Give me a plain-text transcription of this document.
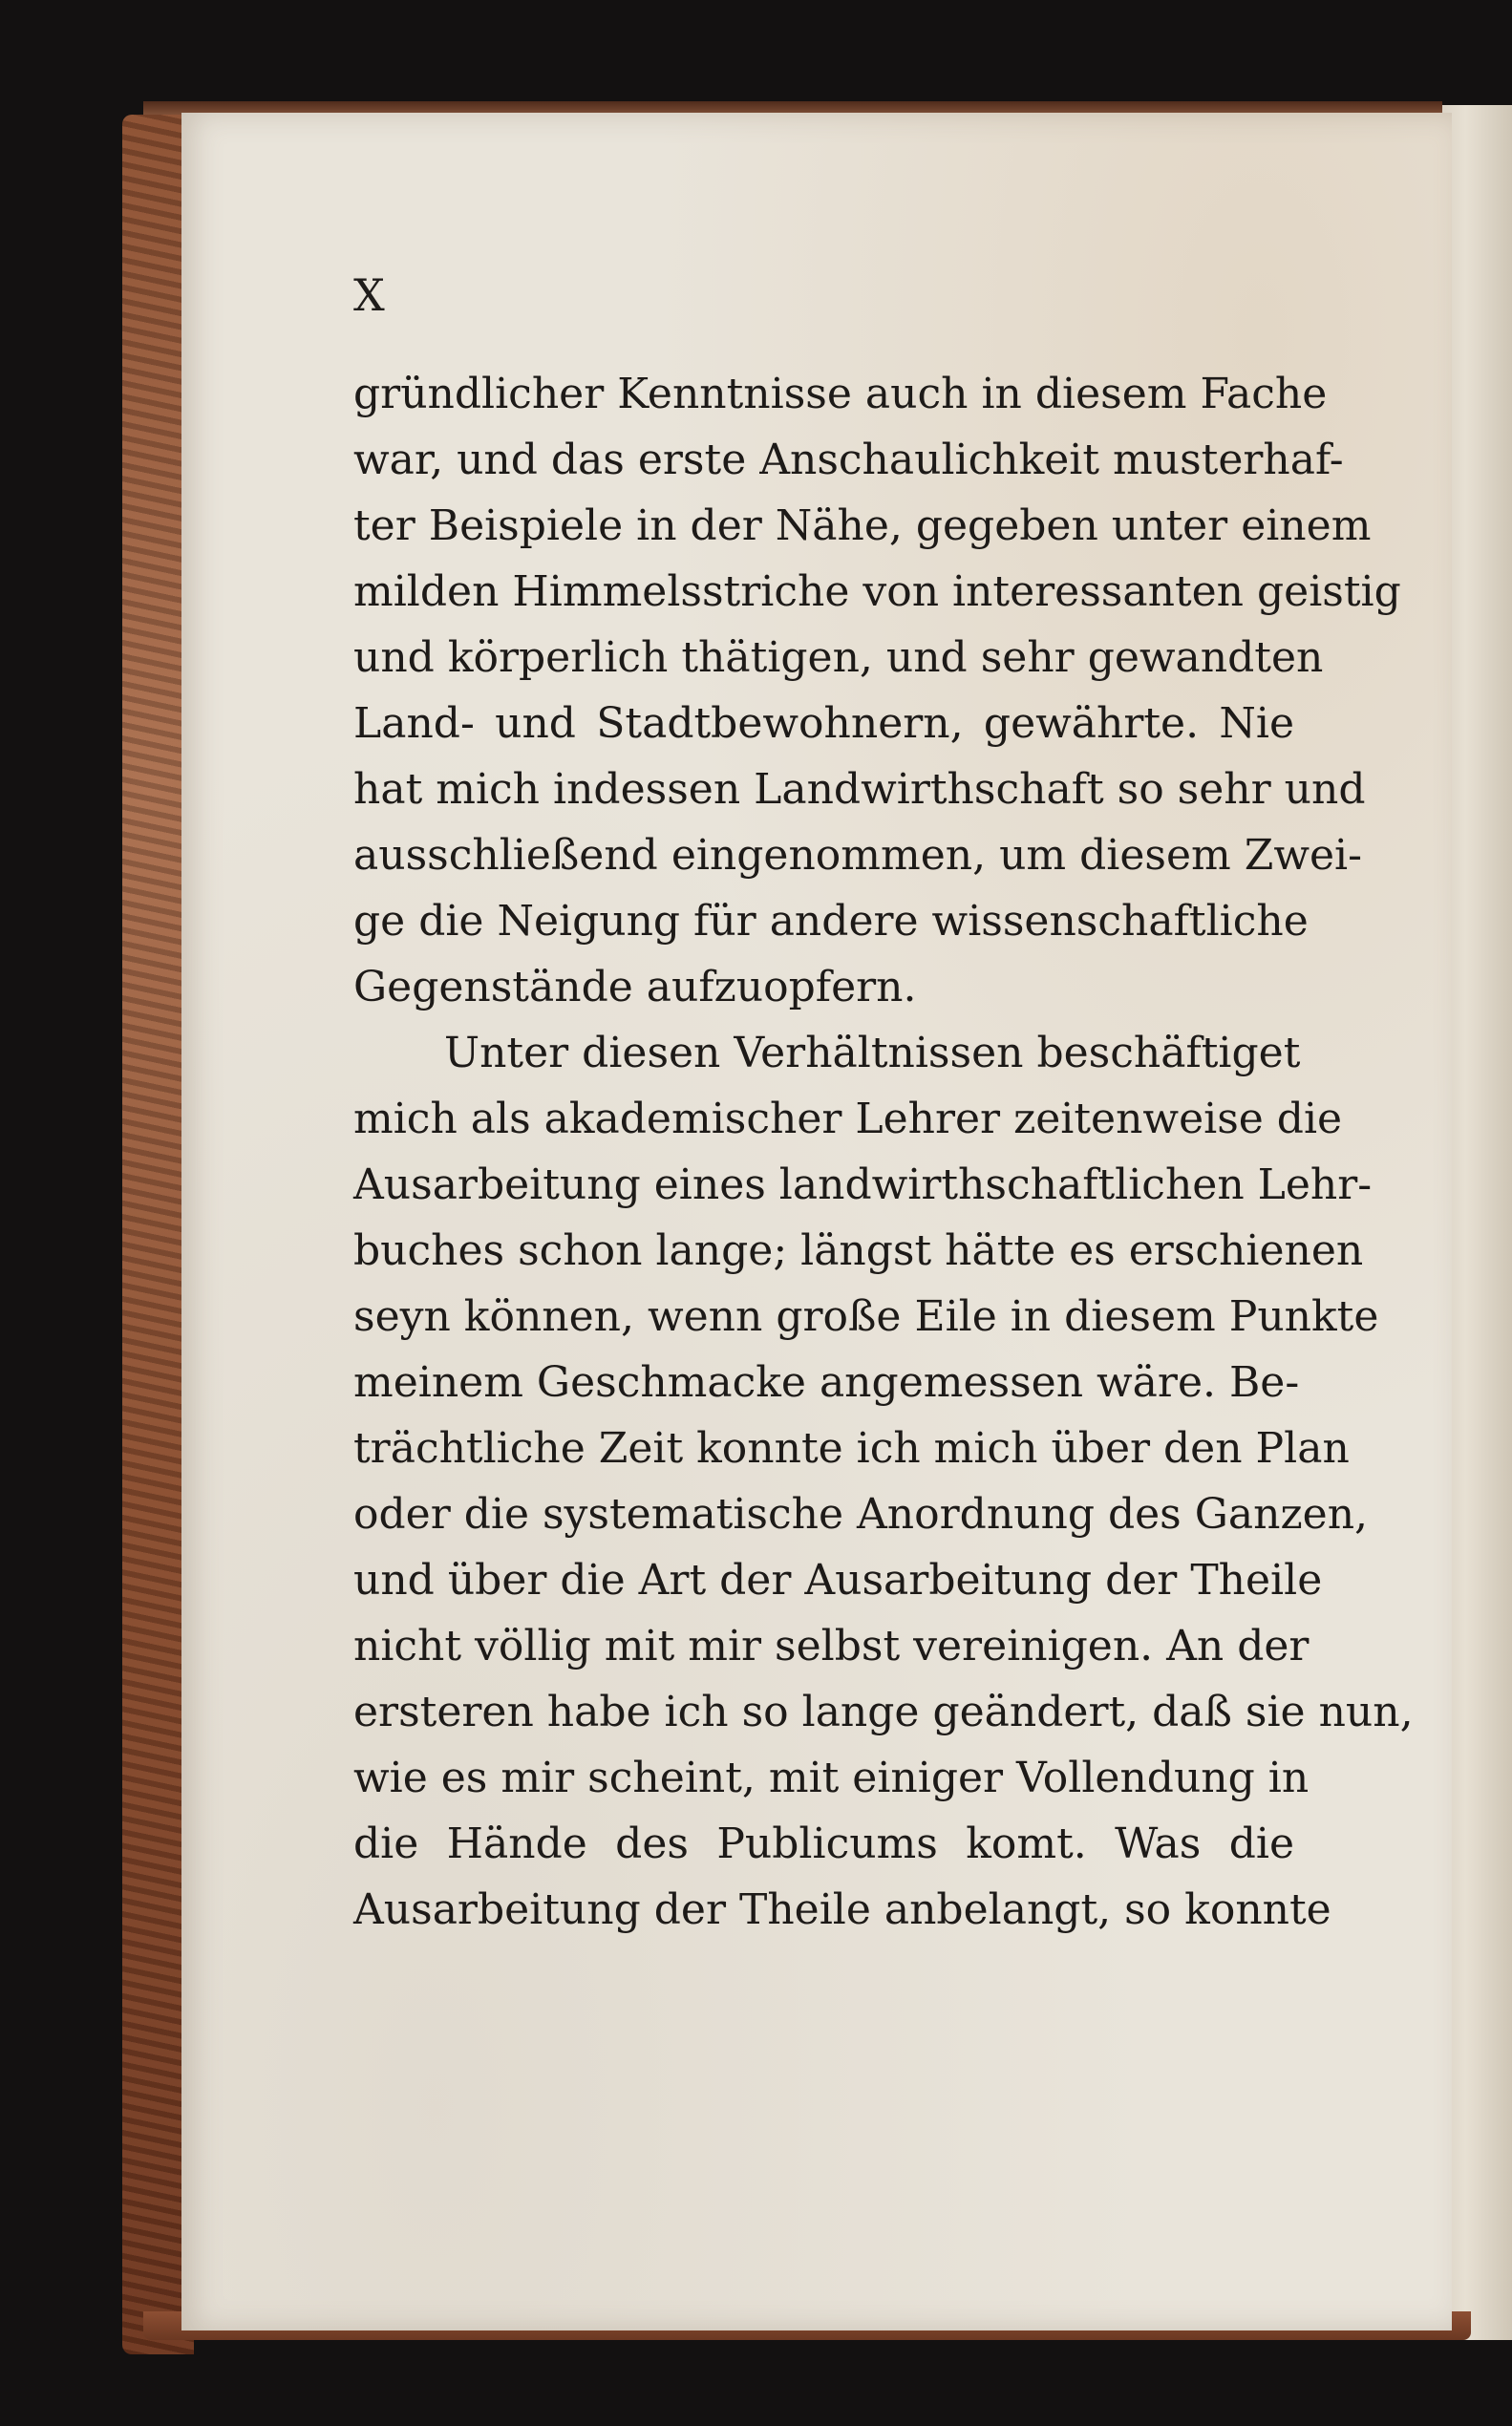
X
gründlicher Kenntnisse auch in diesem Fache
war, und das erste Anschaulichkeit musterhaf-
ter Beispiele in der Nähe, gegeben unter einem
milden Himmelsstriche von interessanten geistig
und körperlich thätigen, und sehr gewandten
Land- und Stadtbewohnern, gewährte. Nie
hat mich indessen Landwirthschaft so sehr und
ausschließend eingenommen, um diesem Zwei-
ge die Neigung für andere wissenschaftliche
Gegenstände aufzuopfern.
Unter diesen Verhältnissen beschäftiget
mich als akademischer Lehrer zeitenweise die
Ausarbeitung eines landwirthschaftlichen Lehr-
buches schon lange; längst hätte es erschienen
seyn können, wenn große Eile in diesem Punkte
meinem Geschmacke angemessen wäre. Be-
trächtliche Zeit konnte ich mich über den Plan
oder die systematische Anordnung des Ganzen,
und über die Art der Ausarbeitung der Theile
nicht völlig mit mir selbst vereinigen. An der
ersteren habe ich so lange geändert, daß sie nun,
wie es mir scheint, mit einiger Vollendung in
die Hände des Publicums komt. Was die
Ausarbeitung der Theile anbelangt, so konnte
